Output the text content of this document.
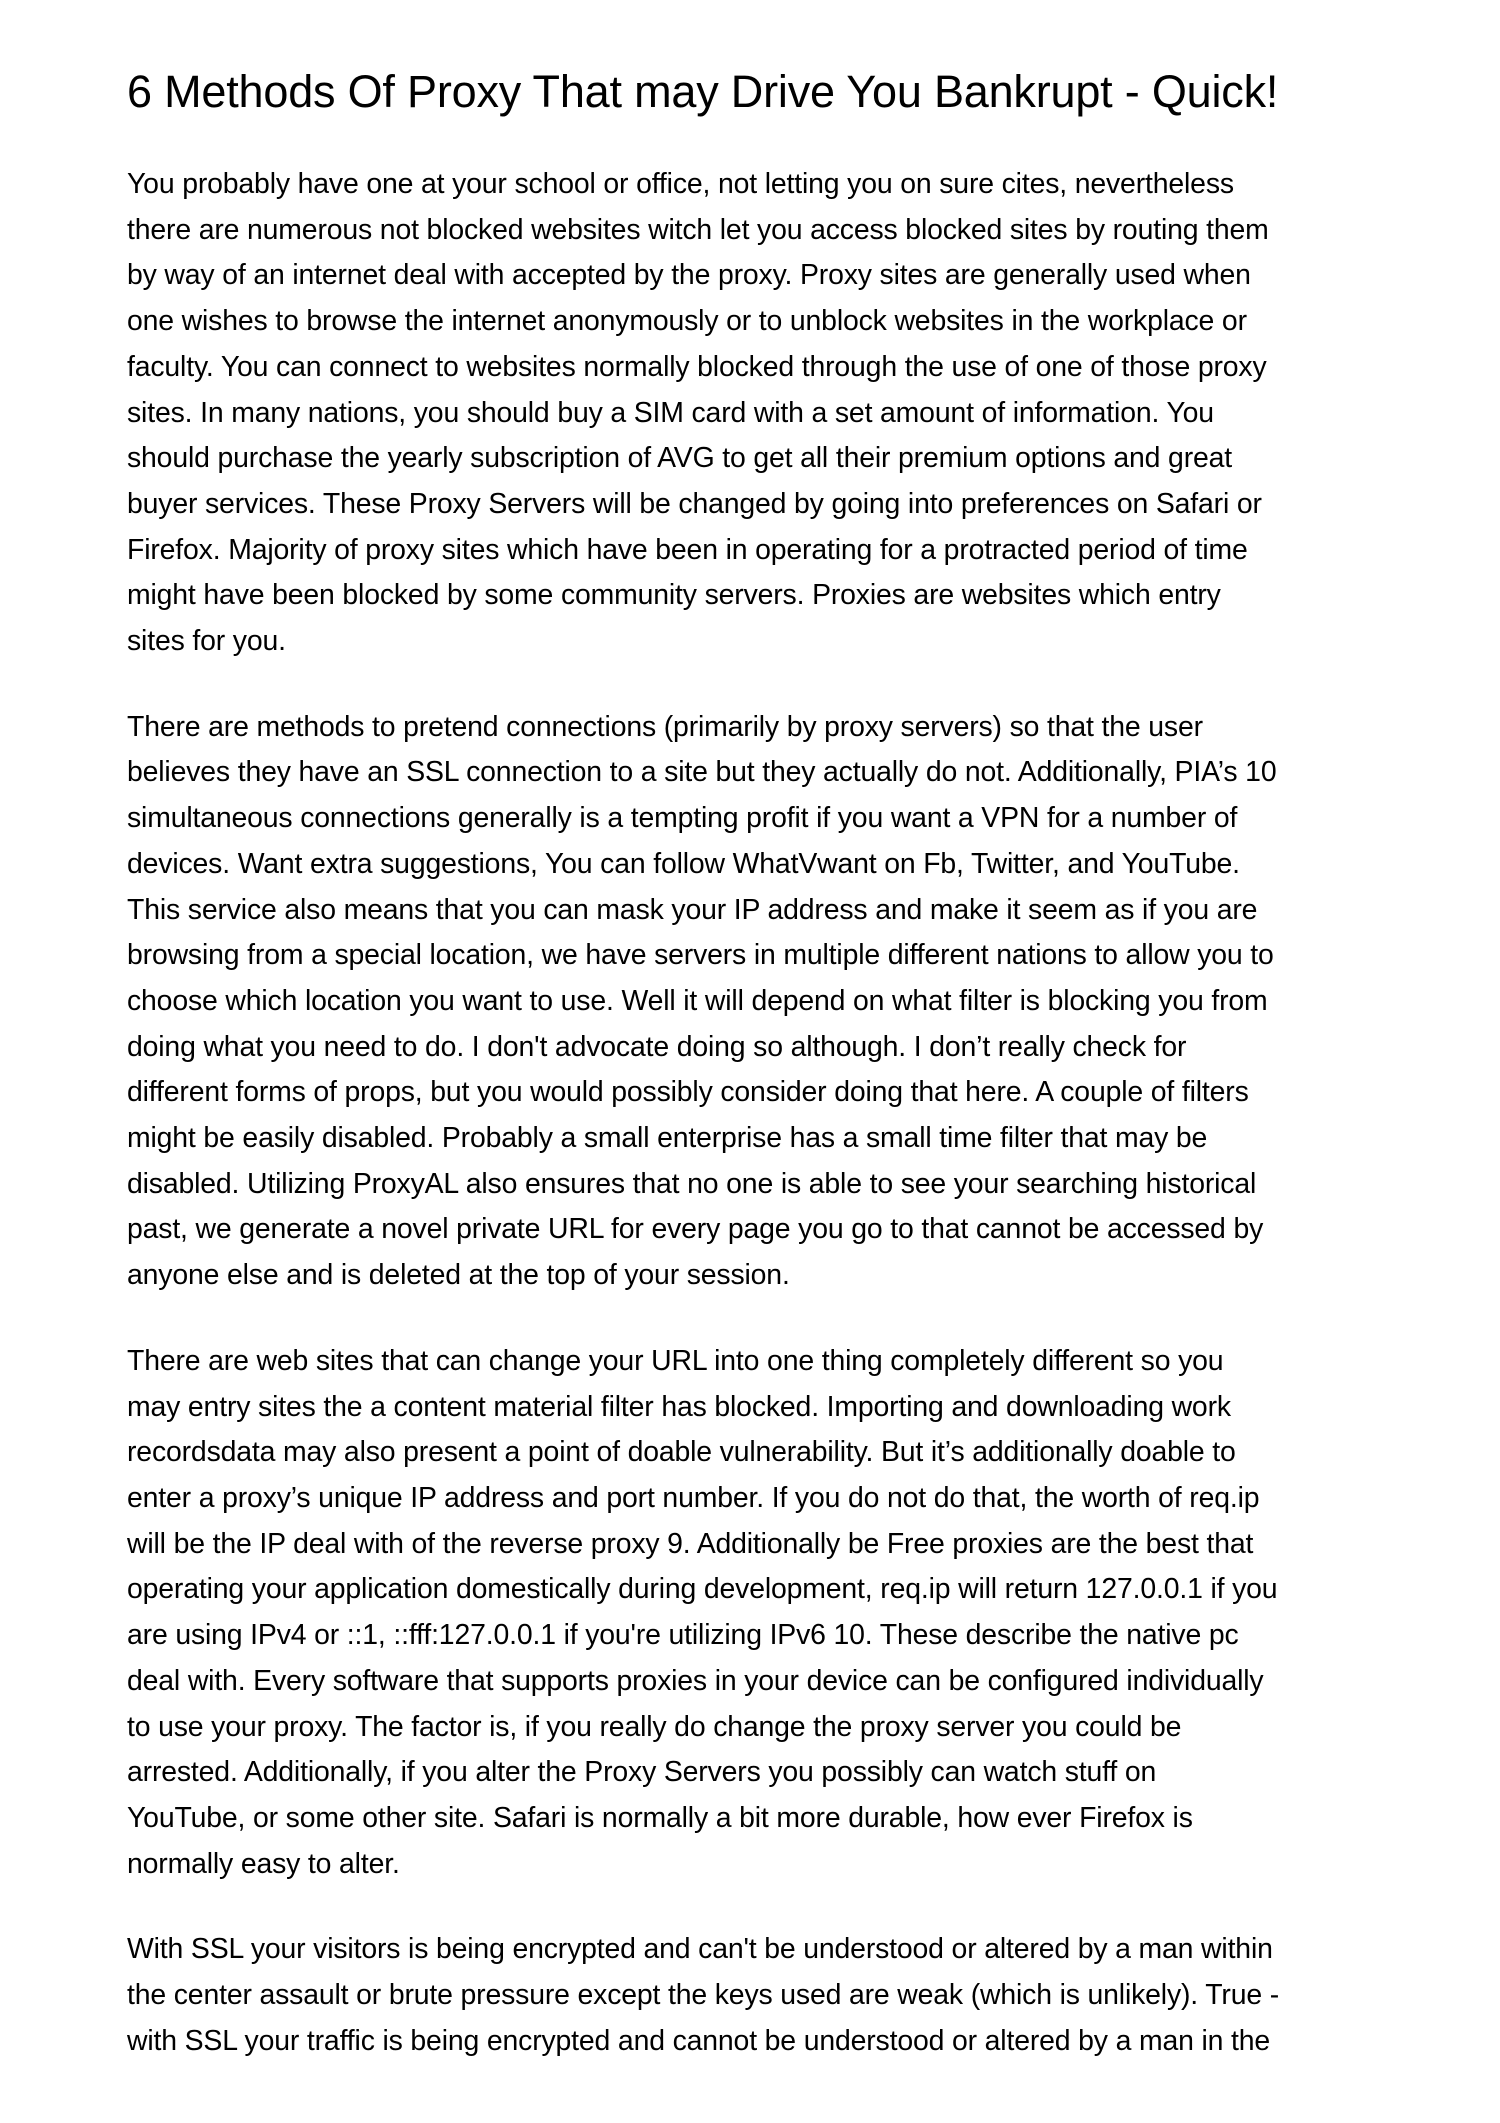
6 Methods Of Proxy That may Drive You Bankrupt - Quick!

You probably have one at your school or office, not letting you on sure cites, nevertheless
there are numerous not blocked websites witch let you access blocked sites by routing them
by way of an internet deal with accepted by the proxy. Proxy sites are generally used when
one wishes to browse the internet anonymously or to unblock websites in the workplace or
faculty. You can connect to websites normally blocked through the use of one of those proxy
sites. In many nations, you should buy a SIM card with a set amount of information. You
should purchase the yearly subscription of AVG to get all their premium options and great
buyer services. These Proxy Servers will be changed by going into preferences on Safari or
Firefox. Majority of proxy sites which have been in operating for a protracted period of time
might have been blocked by some community servers. Proxies are websites which entry
sites for you.

There are methods to pretend connections (primarily by proxy servers) so that the user
believes they have an SSL connection to a site but they actually do not. Additionally, PIA’s 10
simultaneous connections generally is a tempting profit if you want a VPN for a number of
devices. Want extra suggestions, You can follow WhatVwant on Fb, Twitter, and YouTube.
This service also means that you can mask your IP address and make it seem as if you are
browsing from a special location, we have servers in multiple different nations to allow you to
choose which location you want to use. Well it will depend on what filter is blocking you from
doing what you need to do. I don't advocate doing so although. I don’t really check for
different forms of props, but you would possibly consider doing that here. A couple of filters
might be easily disabled. Probably a small enterprise has a small time filter that may be
disabled. Utilizing ProxyAL also ensures that no one is able to see your searching historical
past, we generate a novel private URL for every page you go to that cannot be accessed by
anyone else and is deleted at the top of your session.

There are web sites that can change your URL into one thing completely different so you
may entry sites the a content material filter has blocked. Importing and downloading work
recordsdata may also present a point of doable vulnerability. But it’s additionally doable to
enter a proxy’s unique IP address and port number. If you do not do that, the worth of req.ip
will be the IP deal with of the reverse proxy 9. Additionally be Free proxies are the best that
operating your application domestically during development, req.ip will return 127.0.0.1 if you
are using IPv4 or ::1, ::fff:127.0.0.1 if you're utilizing IPv6 10. These describe the native pc
deal with. Every software that supports proxies in your device can be configured individually
to use your proxy. The factor is, if you really do change the proxy server you could be
arrested. Additionally, if you alter the Proxy Servers you possibly can watch stuff on
YouTube, or some other site. Safari is normally a bit more durable, how ever Firefox is
normally easy to alter.

With SSL your visitors is being encrypted and can't be understood or altered by a man within
the center assault or brute pressure except the keys used are weak (which is unlikely). True -
with SSL your traffic is being encrypted and cannot be understood or altered by a man in the
